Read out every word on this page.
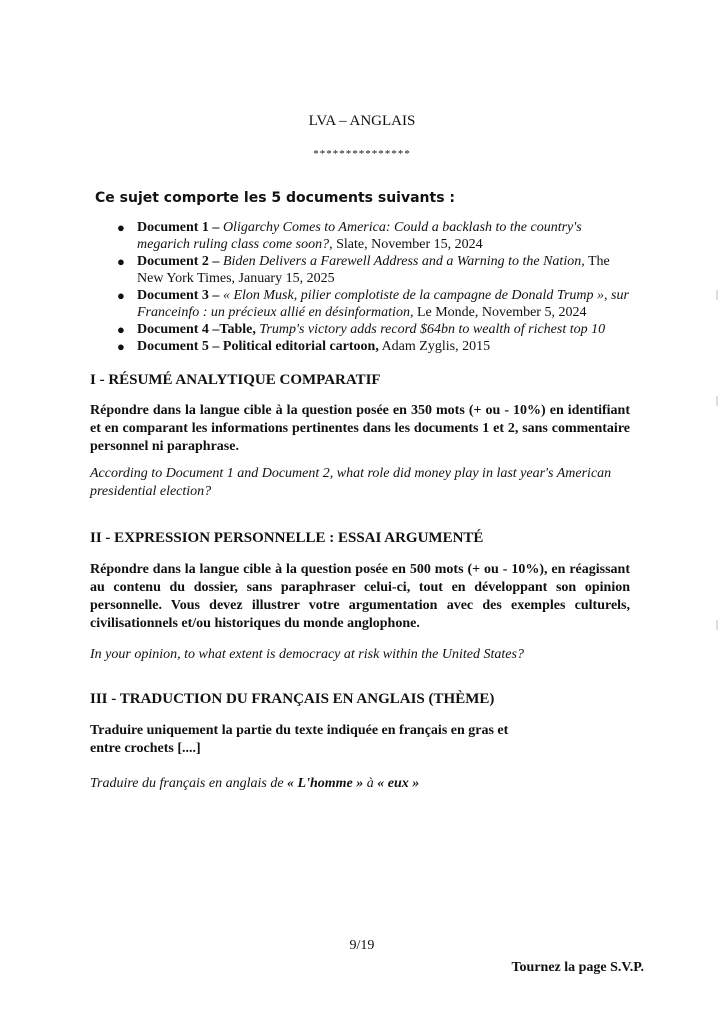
LVA – ANGLAIS
***************
Ce sujet comporte les 5 documents suivants :
● Document 1 – Oligarchy Comes to America: Could a backlash to the country's megarich ruling class come soon?, Slate, November 15, 2024
● Document 2 – Biden Delivers a Farewell Address and a Warning to the Nation, The New York Times, January 15, 2025
● Document 3 – « Elon Musk, pilier complotiste de la campagne de Donald Trump », sur Franceinfo : un précieux allié en désinformation, Le Monde, November 5, 2024
● Document 4 –Table, Trump's victory adds record $64bn to wealth of richest top 10
● Document 5 – Political editorial cartoon, Adam Zyglis, 2015
I - RÉSUMÉ ANALYTIQUE COMPARATIF
Répondre dans la langue cible à la question posée en 350 mots (+ ou - 10%) en identifiant et en comparant les informations pertinentes dans les documents 1 et 2, sans commentaire personnel ni paraphrase.
According to Document 1 and Document 2, what role did money play in last year's American presidential election?
II - EXPRESSION PERSONNELLE : ESSAI ARGUMENTÉ
Répondre dans la langue cible à la question posée en 500 mots (+ ou - 10%), en réagissant au contenu du dossier, sans paraphraser celui-ci, tout en développant son opinion personnelle. Vous devez illustrer votre argumentation avec des exemples culturels, civilisationnels et/ou historiques du monde anglophone.
In your opinion, to what extent is democracy at risk within the United States?
III - TRADUCTION DU FRANÇAIS EN ANGLAIS (THÈME)
Traduire uniquement la partie du texte indiquée en français en gras et
entre crochets [....]
Traduire du français en anglais de « L'homme » à « eux »
9/19
Tournez la page S.V.P.
